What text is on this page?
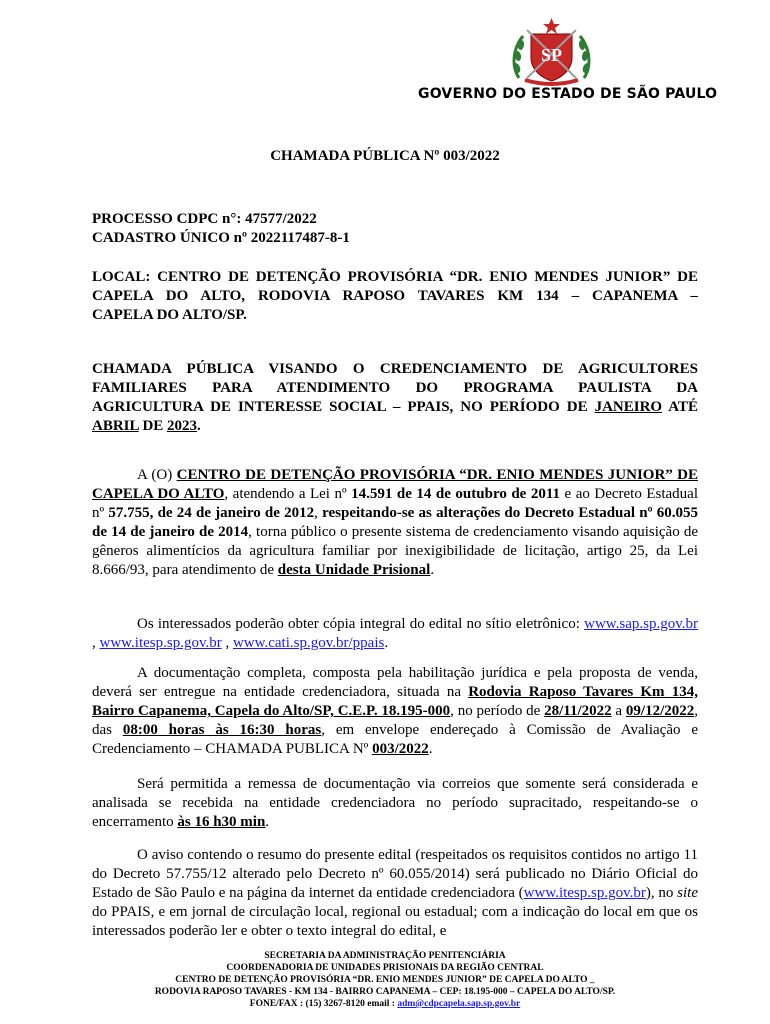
SP
GOVERNO DO ESTADO DE SÃO PAULO
CHAMADA PÚBLICA Nº 003/2022
PROCESSO CDPC n°: 47577/2022
CADASTRO ÚNICO nº 2022117487-8-1
LOCAL: CENTRO DE DETENÇÃO PROVISÓRIA “DR. ENIO MENDES JUNIOR” DE
CAPELA DO ALTO, RODOVIA RAPOSO TAVARES KM 134 – CAPANEMA –
CAPELA DO ALTO/SP.
CHAMADA PÚBLICA VISANDO O CREDENCIAMENTO DE AGRICULTORES
FAMILIARES PARA ATENDIMENTO DO PROGRAMA PAULISTA DA
AGRICULTURA DE INTERESSE SOCIAL – PPAIS, NO PERÍODO DE JANEIRO ATÉ
ABRIL DE 2023.

A (O) CENTRO DE DETENÇÃO PROVISÓRIA “DR. ENIO MENDES JUNIOR” DE CAPELA DO ALTO, atendendo a Lei nº 14.591 de 14 de outubro de 2011 e ao Decreto Estadual nº 57.755, de 24 de janeiro de 2012, respeitando-se as alterações do Decreto Estadual nº 60.055 de 14 de janeiro de 2014, torna público o presente sistema de credenciamento visando aquisição de gêneros alimentícios da agricultura familiar por inexigibilidade de licitação, artigo 25, da Lei 8.666/93, para atendimento de desta Unidade Prisional.

Os interessados poderão obter cópia integral do edital no sítio eletrônico: www.sap.sp.gov.br , www.itesp.sp.gov.br , www.cati.sp.gov.br/ppais.

A documentação completa, composta pela habilitação jurídica e pela proposta de venda, deverá ser entregue na entidade credenciadora, situada na Rodovia Raposo Tavares Km 134, Bairro Capanema, Capela do Alto/SP, C.E.P. 18.195-000, no período de 28/11/2022 a 09/12/2022, das 08:00 horas às 16:30 horas, em envelope endereçado à Comissão de Avaliação e Credenciamento – CHAMADA PUBLICA Nº 003/2022.

Será permitida a remessa de documentação via correios que somente será considerada e analisada se recebida na entidade credenciadora no período supracitado, respeitando-se o encerramento às 16 h30 min.

O aviso contendo o resumo do presente edital (respeitados os requisitos contidos no artigo 11 do Decreto 57.755/12 alterado pelo Decreto nº 60.055/2014) será publicado no Diário Oficial do Estado de São Paulo e na página da internet da entidade credenciadora (www.itesp.sp.gov.br), no site do PPAIS, e em jornal de circulação local, regional ou estadual; com a indicação do local em que os interessados poderão ler e obter o texto integral do edital, e

SECRETARIA DA ADMINISTRAÇÃO PENITENCIÁRIA
COORDENADORIA DE UNIDADES PRISIONAIS DA REGIÃO CENTRAL
CENTRO DE DETENÇÃO PROVISÓRIA “DR. ENIO MENDES JUNIOR” DE CAPELA DO ALTO _
RODOVIA RAPOSO TAVARES - KM 134 - BAIRRO CAPANEMA – CEP: 18.195-000 – CAPELA DO ALTO/SP.
FONE/FAX : (15) 3267-8120 email : adm@cdpcapela.sap.sp.gov.br
